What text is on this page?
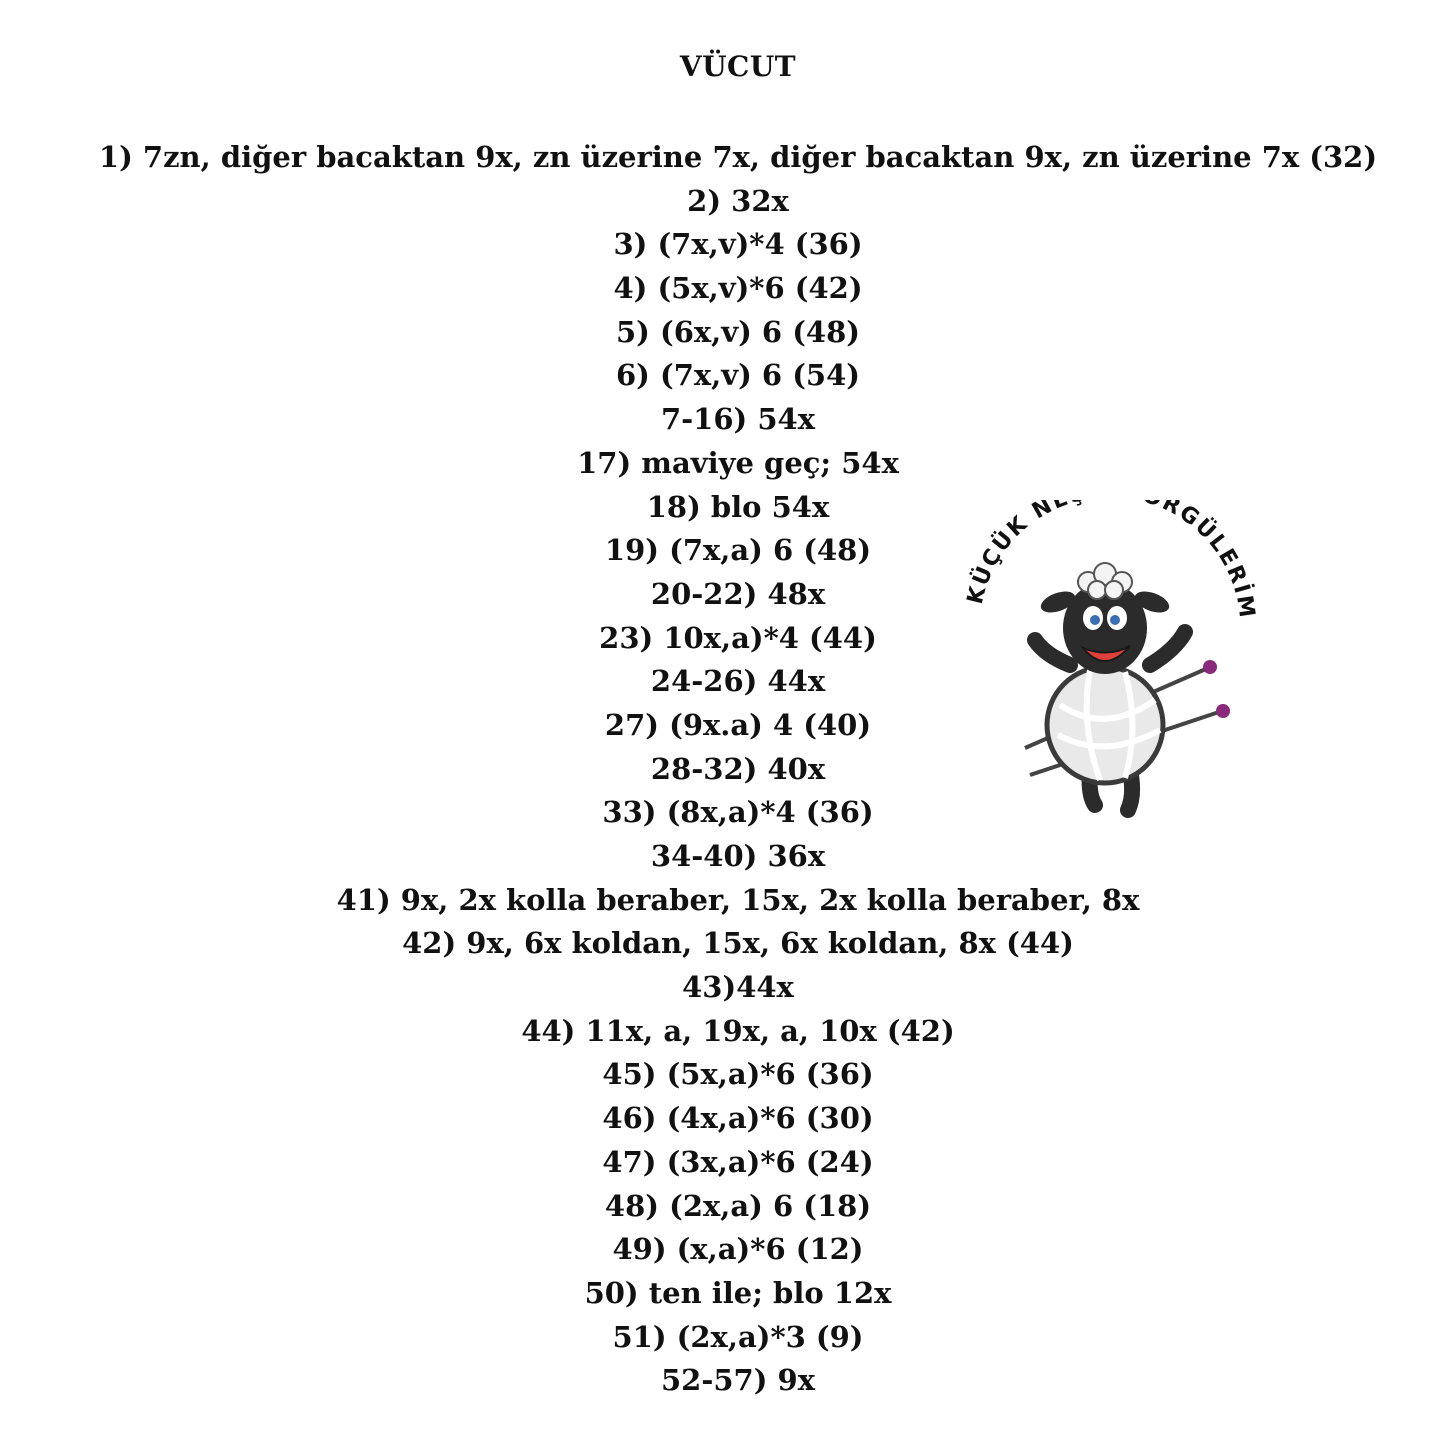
VÜCUT
1) 7zn, diğer bacaktan 9x, zn üzerine 7x, diğer bacaktan 9x, zn üzerine 7x (32)
2) 32x
3) (7x,v)*4 (36)
4) (5x,v)*6 (42)
5) (6x,v) 6 (48)
6) (7x,v) 6 (54)
7-16) 54x
17) maviye geç; 54x
18) blo 54x
19) (7x,a) 6 (48)
20-22) 48x
23) 10x,a)*4 (44)
24-26) 44x
27) (9x.a) 4 (40)
28-32) 40x
33) (8x,a)*4 (36)
34-40) 36x
41) 9x, 2x kolla beraber, 15x, 2x kolla beraber, 8x
42) 9x, 6x koldan, 15x, 6x koldan, 8x (44)
43)44x
44) 11x, a, 19x, a, 10x (42)
45) (5x,a)*6 (36)
46) (4x,a)*6 (30)
47) (3x,a)*6 (24)
48) (2x,a) 6 (18)
49) (x,a)*6 (12)
50) ten ile; blo 12x
51) (2x,a)*3 (9)
52-57) 9x
KÜÇÜK N RGÜLERİM
